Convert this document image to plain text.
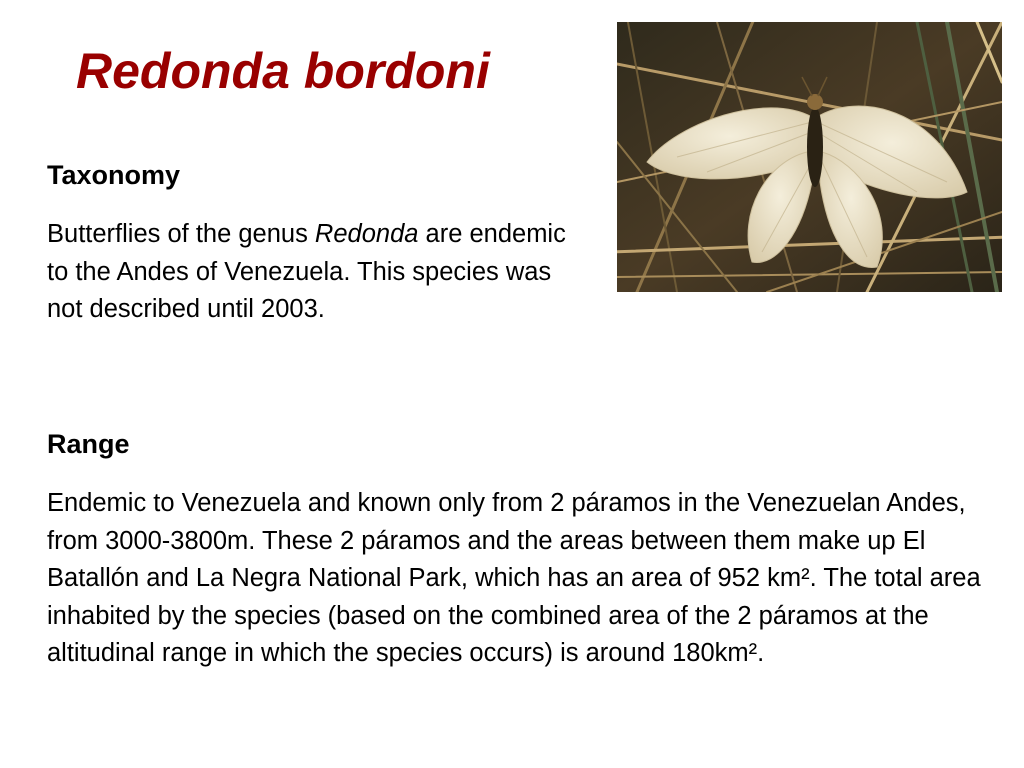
Redonda bordoni
Taxonomy

Butterflies of the genus Redonda are endemic to the Andes of Venezuela. This species was not described until 2003.

Range

Endemic to Venezuela and known only from 2 páramos in the Venezuelan Andes, from 3000-3800m. These 2 páramos and the areas between them make up El Batallón and La Negra National Park, which has an area of 952 km². The total area inhabited by the species (based on the combined area of the 2 páramos at the altitudinal range in which the species occurs) is around 180km².
